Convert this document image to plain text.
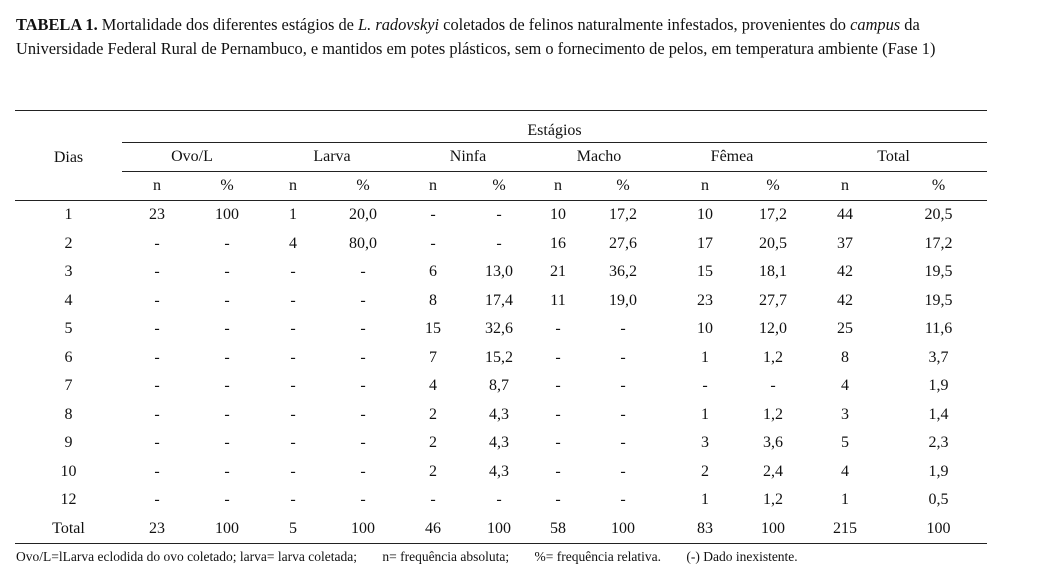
TABELA 1. Mortalidade dos diferentes estágios de L. radovskyi coletados de felinos naturalmente infestados, provenientes do campus da Universidade Federal Rural de Pernambuco, e mantidos em potes plásticos, sem o fornecimento de pelos, em temperatura ambiente (Fase 1)
	Estágios											
Dias	Ovo/L		Larva		Ninfa		Macho		Fêmea		Total	
	n	%	n	%	n	%	n	%	n	%	n	%
1	23	100	1	20,0	-	-	10	17,2	10	17,2	44	20,5
2	-	-	4	80,0	-	-	16	27,6	17	20,5	37	17,2
3	-	-	-	-	6	13,0	21	36,2	15	18,1	42	19,5
4	-	-	-	-	8	17,4	11	19,0	23	27,7	42	19,5
5	-	-	-	-	15	32,6	-	-	10	12,0	25	11,6
6	-	-	-	-	7	15,2	-	-	1	1,2	8	3,7
7	-	-	-	-	4	8,7	-	-	-	-	4	1,9
8	-	-	-	-	2	4,3	-	-	1	1,2	3	1,4
9	-	-	-	-	2	4,3	-	-	3	3,6	5	2,3
10	-	-	-	-	2	4,3	-	-	2	2,4	4	1,9
12	-	-	-	-	-	-	-	-	1	1,2	1	0,5
Total	23	100	5	100	46	100	58	100	83	100	215	100
Ovo/L=lLarva eclodida do ovo coletado; larva= larva coletada; n= frequência absoluta; %= frequência relativa. (-) Dado inexistente.
